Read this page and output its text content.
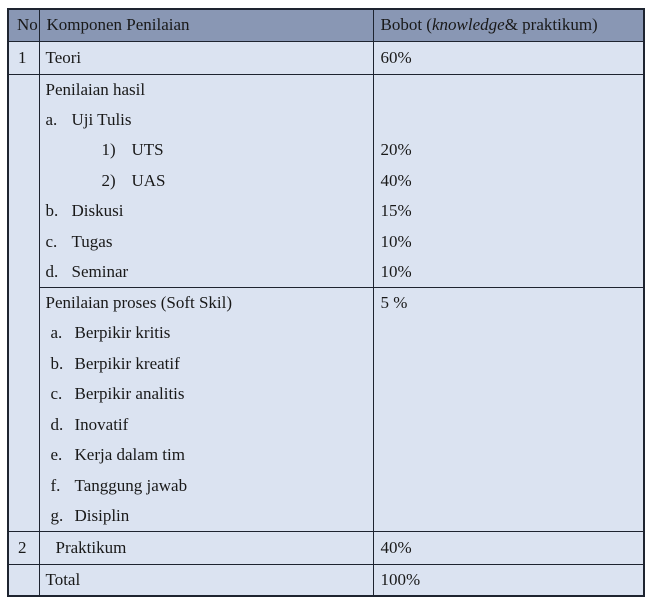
No	Komponen Penilaian	Bobot ( knowledge & praktikum)

1	Teori	60%

	Penilaian hasil	

	a. Uji Tulis	

	1) UTS	20%

	2) UAS	40%

	b. Diskusi	15%

	c. Tugas	10%

	d. Seminar	10%

	Penilaian proses (Soft Skil)	5 %

	a. Berpikir kritis	

	b. Berpikir kreatif	

	c. Berpikir analitis	

	d. Inovatif	

	e. Kerja dalam tim	

	f. Tanggung jawab	

	g. Disiplin	

2	Praktikum	40%

	Total	100%
